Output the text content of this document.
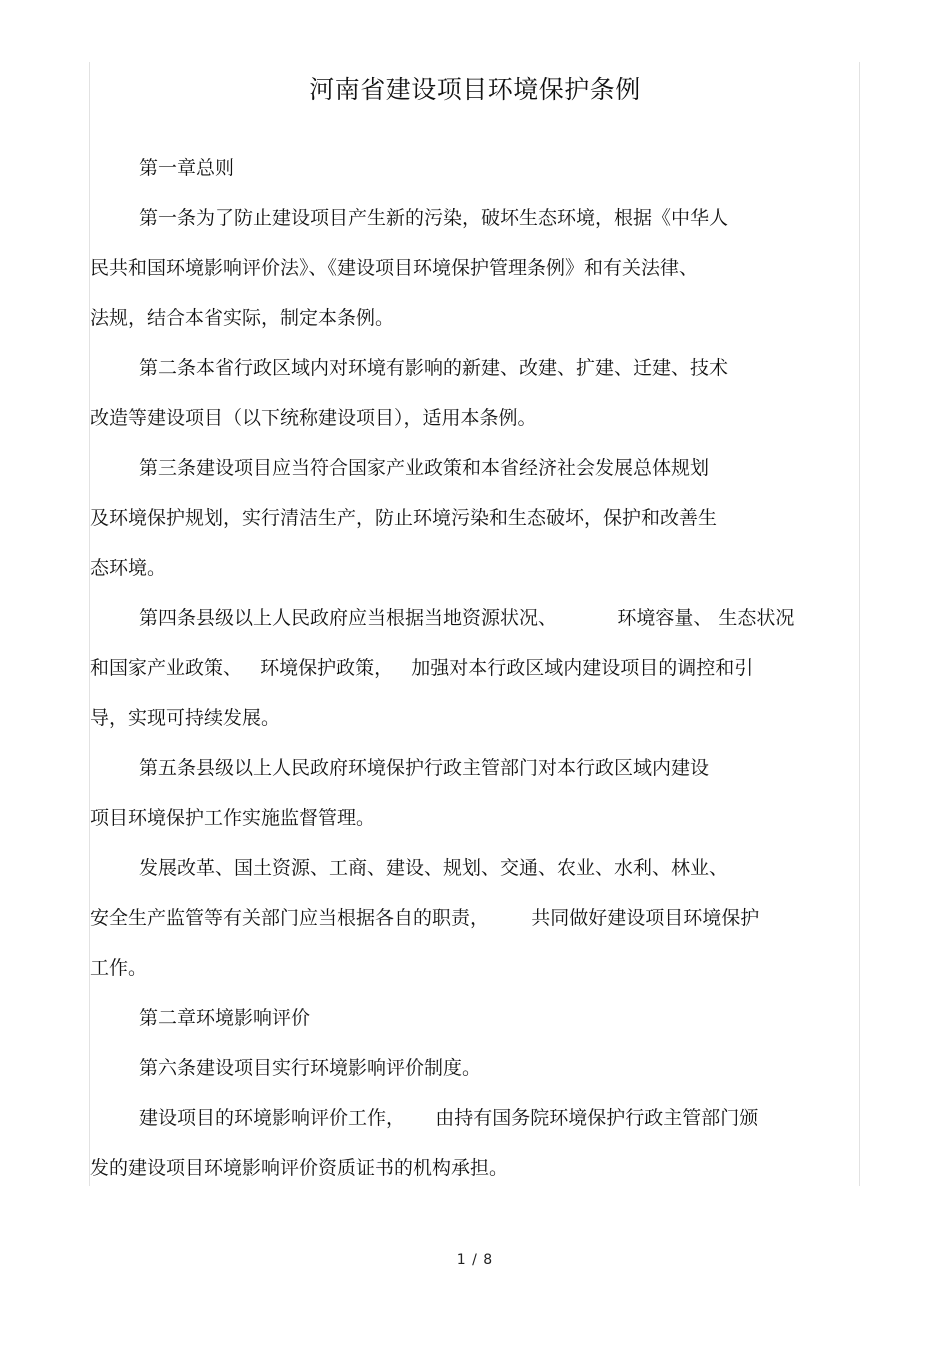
河南省建设项目环境保护条例

第一章总则

第一条为了防止建设项目产生新的污染，破坏生态环境，根据《中华人

民共和国环境影响评价法》、《建设项目环境保护管理条例》和有关法律、

法规，结合本省实际，制定本条例。

第二条本省行政区域内对环境有影响的新建、改建、扩建、迁建、技术

改造等建设项目（以下统称建设项目），适用本条例。

第三条建设项目应当符合国家产业政策和本省经济社会发展总体规划

及环境保护规划，实行清洁生产，防止环境污染和生态破坏，保护和改善生

态环境。

第四条县级以上人民政府应当根据当地资源状况、          环境容量、 生态状况

和国家产业政策、   环境保护政策，   加强对本行政区域内建设项目的调控和引

导，实现可持续发展。

第五条县级以上人民政府环境保护行政主管部门对本行政区域内建设

项目环境保护工作实施监督管理。

发展改革、国土资源、工商、建设、规划、交通、农业、水利、林业、

安全生产监管等有关部门应当根据各自的职责，       共同做好建设项目环境保护

工作。

第二章环境影响评价

第六条建设项目实行环境影响评价制度。

建设项目的环境影响评价工作，     由持有国务院环境保护行政主管部门颁

发的建设项目环境影响评价资质证书的机构承担。

1 / 8
